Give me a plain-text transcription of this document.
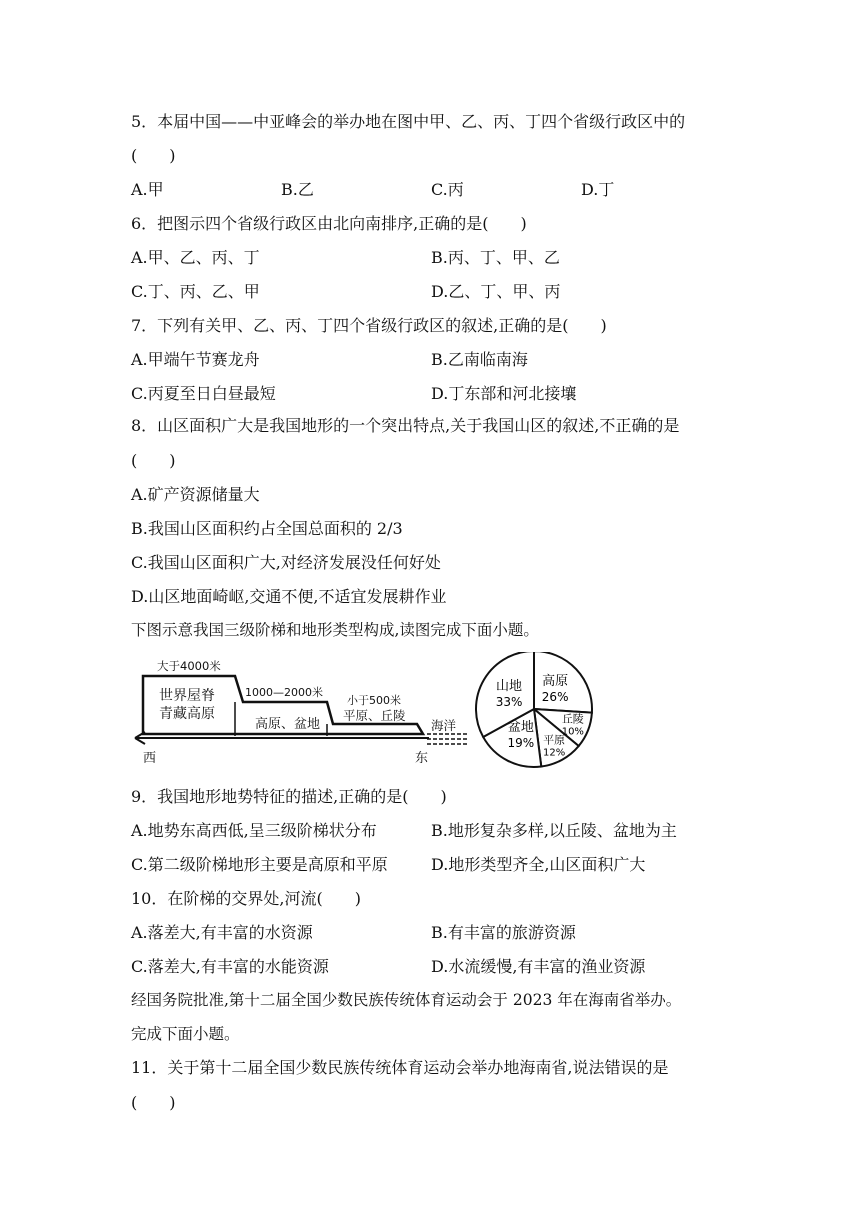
5．本届中国——中亚峰会的举办地在图中甲、乙、丙、丁四个省级行政区中的
(　　)
A.甲	B.乙	C.丙	D.丁
6．把图示四个省级行政区由北向南排序,正确的是(　　)
A.甲、乙、丙、丁	B.丙、丁、甲、乙
C.丁、丙、乙、甲	D.乙、丁、甲、丙
7．下列有关甲、乙、丙、丁四个省级行政区的叙述,正确的是(　　)
A.甲端午节赛龙舟	B.乙南临南海
C.丙夏至日白昼最短	D.丁东部和河北接壤
8．山区面积广大是我国地形的一个突出特点,关于我国山区的叙述,不正确的是
(　　)
A.矿产资源储量大
B.我国山区面积约占全国总面积的 2/3
C.我国山区面积广大,对经济发展没任何好处
D.山区地面崎岖,交通不便,不适宜发展耕作业
下图示意我国三级阶梯和地形类型构成,读图完成下面小题。
大于4000米
世界屋脊
青藏高原
1000—2000米
高原、盆地
小于500米
平原、丘陵
海洋
西	东
高原
26%
丘陵
10%
平原
12%
盆地
19%
山地
33%
9．我国地形地势特征的描述,正确的是(　　)
A.地势东高西低,呈三级阶梯状分布	B.地形复杂多样,以丘陵、盆地为主
C.第二级阶梯地形主要是高原和平原	D.地形类型齐全,山区面积广大
10．在阶梯的交界处,河流(　　)
A.落差大,有丰富的水资源	B.有丰富的旅游资源
C.落差大,有丰富的水能资源	D.水流缓慢,有丰富的渔业资源
经国务院批准,第十二届全国少数民族传统体育运动会于 2023 年在海南省举办。
完成下面小题。
11．关于第十二届全国少数民族传统体育运动会举办地海南省,说法错误的是
(　　)
